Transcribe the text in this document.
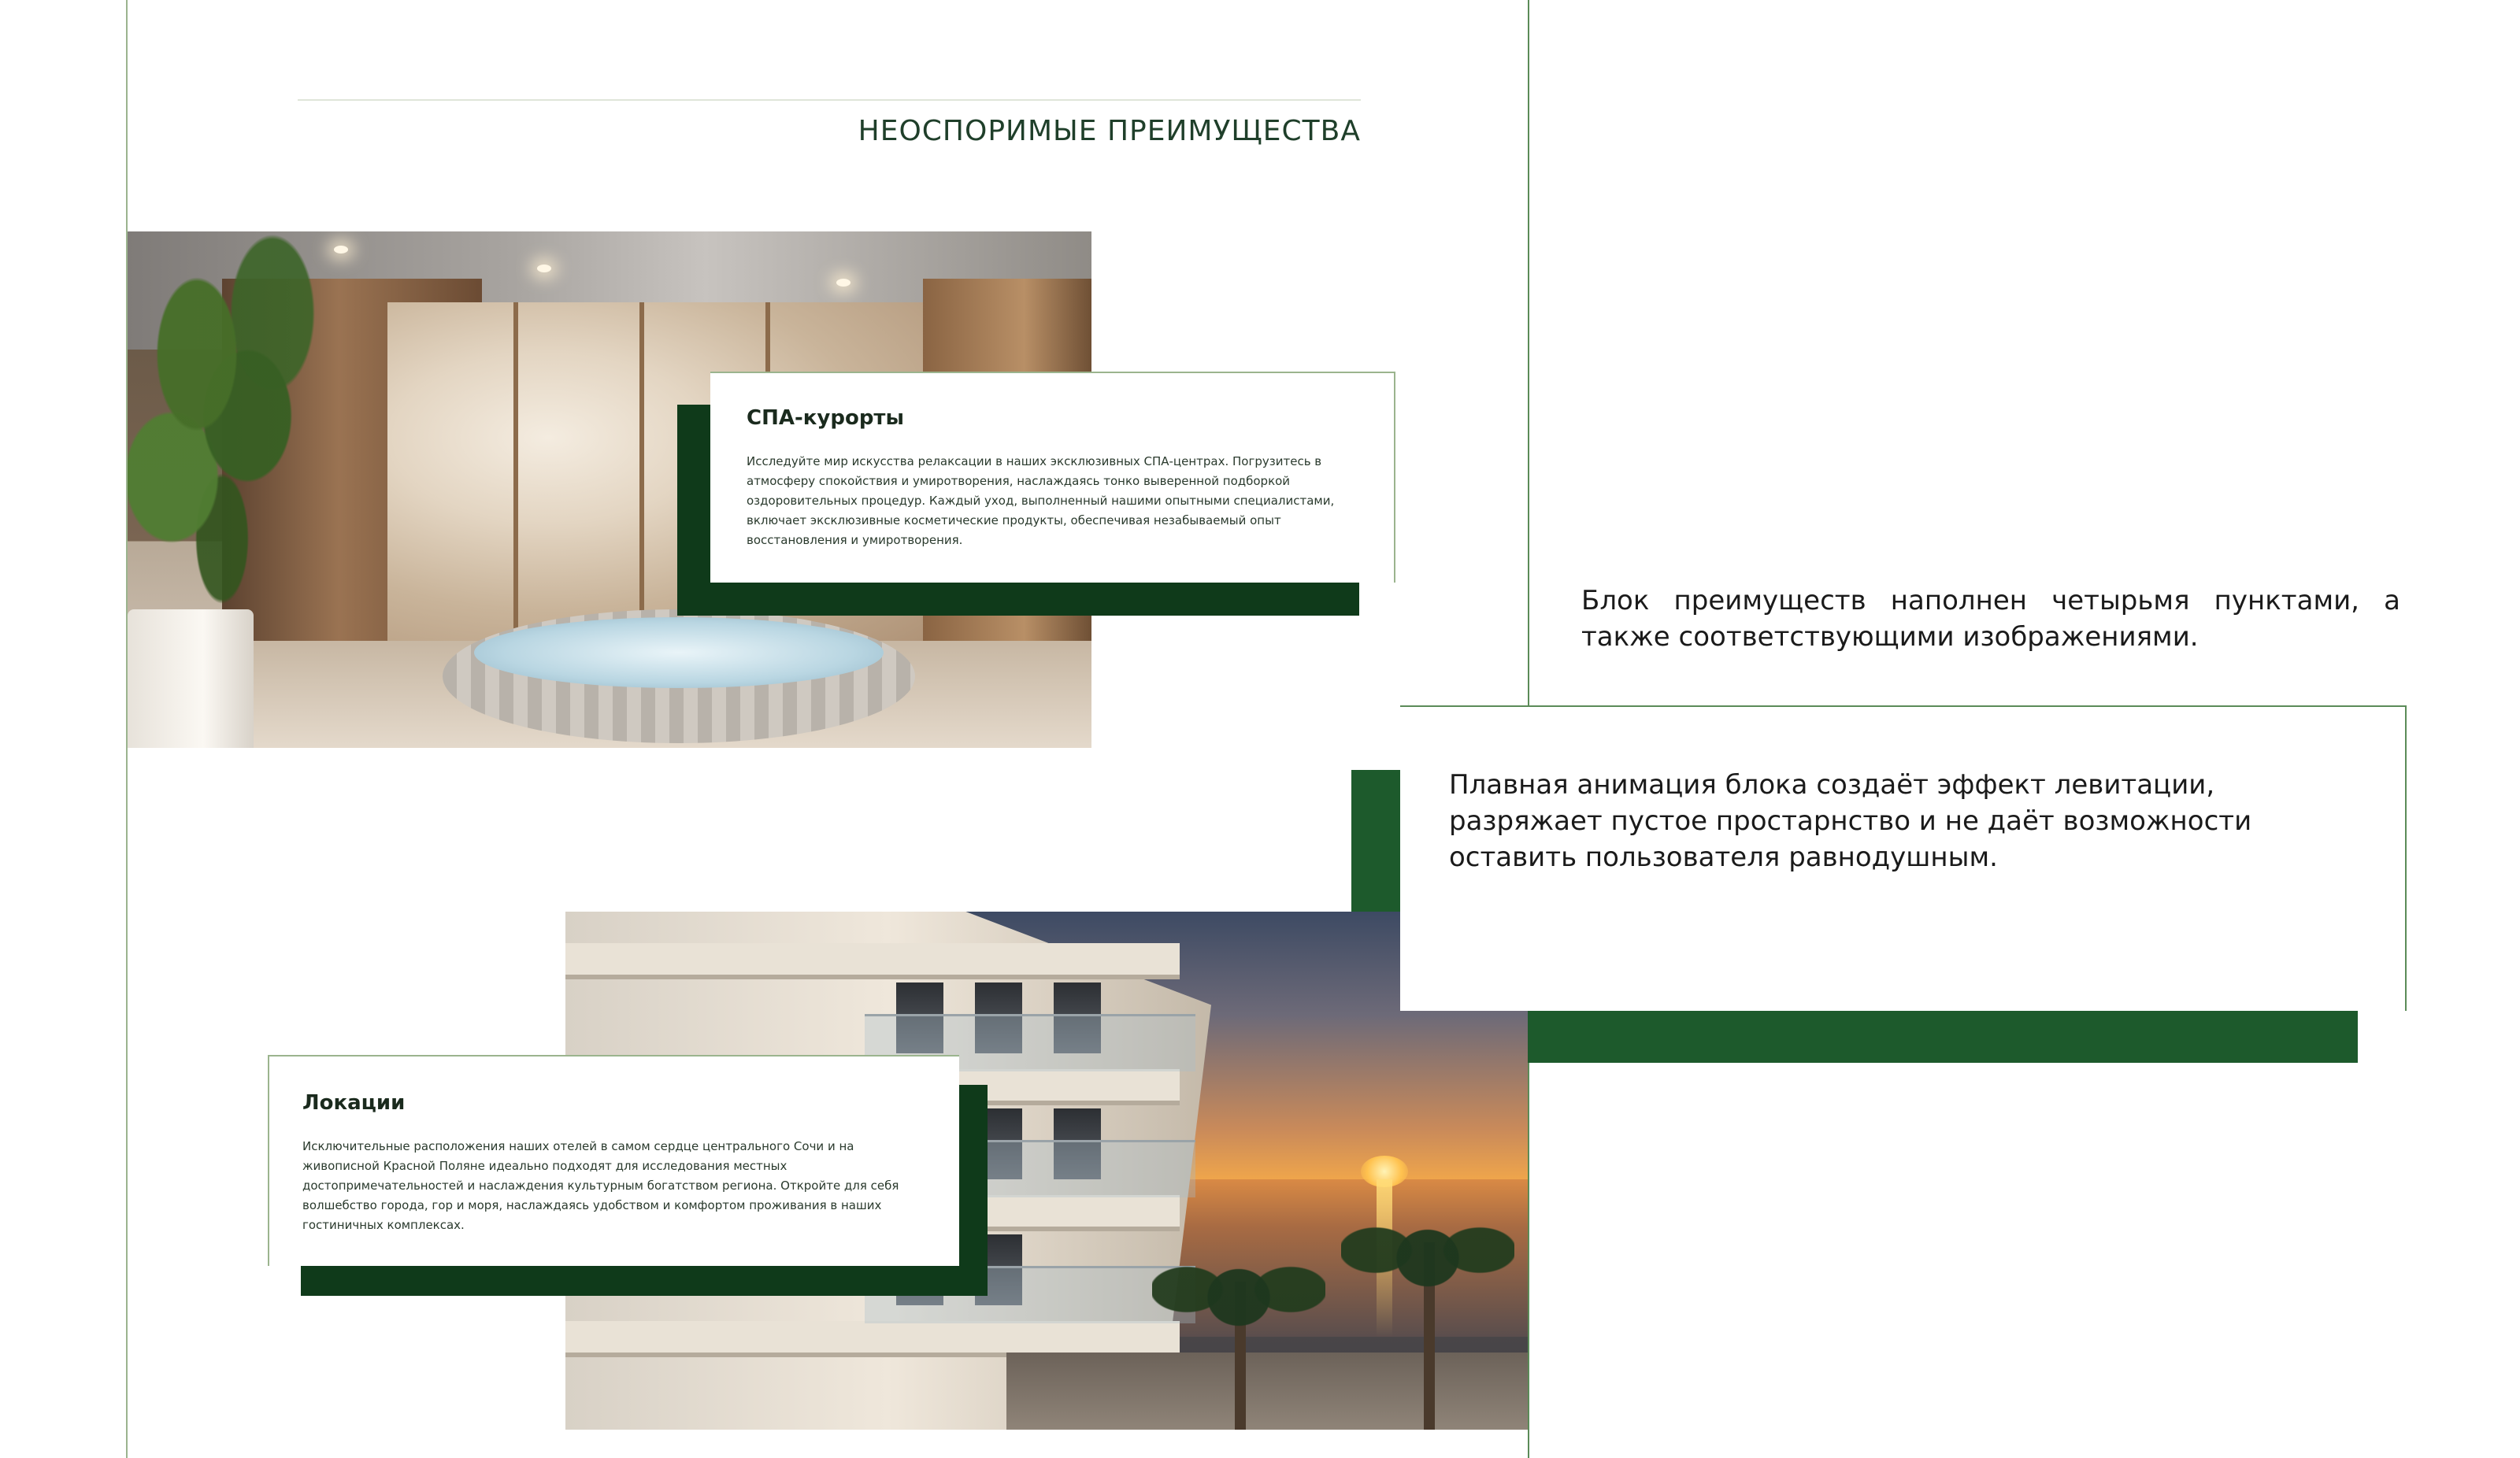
НЕОСПОРИМЫЕ ПРЕИМУЩЕСТВА
СПА-курорты
Исследуйте мир искусства релаксации в наших эксклюзивных СПА-центрах. Погрузитесь в атмосферу спокойствия и умиротворения, наслаждаясь тонко выверенной подборкой оздоровительных процедур. Каждый уход, выполненный нашими опытными специалистами, включает эксклюзивные косметические продукты, обеспечивая незабываемый опыт восстановления и умиротворения.
Блок преимуществ наполнен четырьмя пунктами, а также соответствующими изображениями.
Плавная анимация блока создаёт эффект левитации, разряжает пустое простарнство и не даёт возможности оставить пользователя равнодушным.
Локации
Исключительные расположения наших отелей в самом сердце центрального Сочи и на живописной Красной Поляне идеально подходят для исследования местных достопримечательностей и наслаждения культурным богатством региона. Откройте для себя волшебство города, гор и моря, наслаждаясь удобством и комфортом проживания в наших гостиничных комплексах.
